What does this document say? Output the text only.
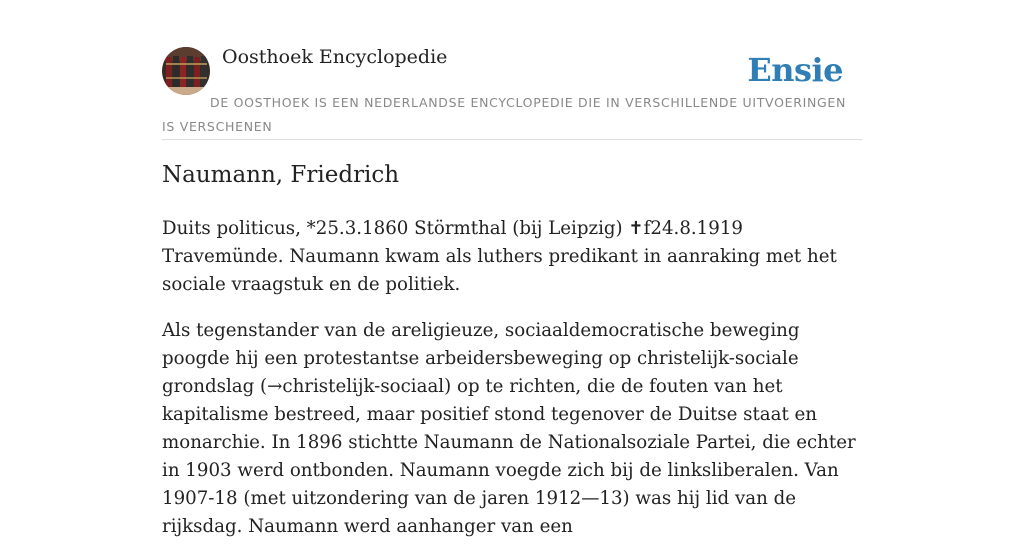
Oosthoek Encyclopedie	Ensie
DE OOSTHOEK IS EEN NEDERLANDSE ENCYCLOPEDIE DIE IN VERSCHILLENDE UITVOERINGEN IS VERSCHENEN
Naumann, Friedrich

Duits politicus, *25.3.1860 Störmthal (bij Leipzig) ✝f24.8.1919 Travemünde. Naumann kwam als luthers predikant in aanraking met het sociale vraagstuk en de politiek.

Als tegenstander van de areligieuze, sociaaldemocratische beweging poogde hij een protestantse arbeidersbeweging op christelijk-sociale grondslag (→christelijk-sociaal) op te richten, die de fouten van het kapitalisme bestreed, maar positief stond tegenover de Duitse staat en monarchie. In 1896 stichtte Naumann de Nationalsoziale Partei, die echter in 1903 werd ontbonden. Naumann voegde zich bij de linksliberalen. Van 1907-18 (met uitzondering van de jaren 1912—13) was hij lid van de rijksdag. Naumann werd aanhanger van een
